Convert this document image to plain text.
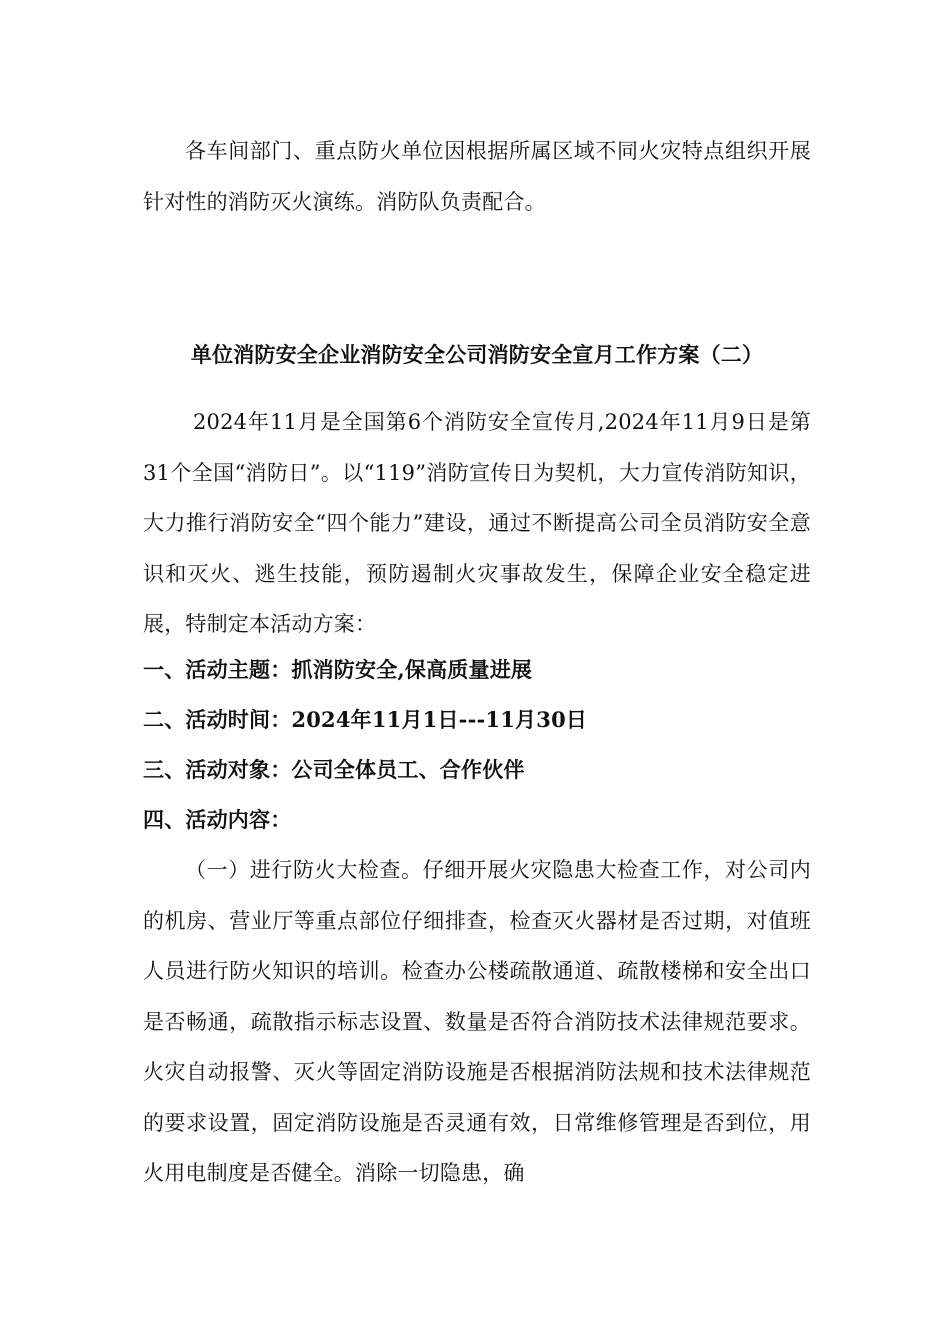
各车间部门、重点防火单位因根据所属区域不同火灾特点组织开展针对性的消防灭火演练。消防队负责配合。

单位消防安全企业消防安全公司消防安全宣月工作方案（二）

2024年11月是全国第6个消防安全宣传月,2024年11月9日是第31个全国“消防日”。以“119”消防宣传日为契机，大力宣传消防知识，大力推行消防安全“四个能力”建设，通过不断提高公司全员消防安全意识和灭火、逃生技能，预防遏制火灾事故发生，保障企业安全稳定进展，特制定本活动方案：

一、活动主题：抓消防安全,保高质量进展
二、活动时间：2024年11月1日---11月30日
三、活动对象：公司全体员工、合作伙伴
四、活动内容：

（一）进行防火大检查。仔细开展火灾隐患大检查工作，对公司内的机房、营业厅等重点部位仔细排查，检查灭火器材是否过期，对值班人员进行防火知识的培训。检查办公楼疏散通道、疏散楼梯和安全出口是否畅通，疏散指示标志设置、数量是否符合消防技术法律规范要求。火灾自动报警、灭火等固定消防设施是否根据消防法规和技术法律规范的要求设置，固定消防设施是否灵通有效，日常维修管理是否到位，用火用电制度是否健全。消除一切隐患，确
